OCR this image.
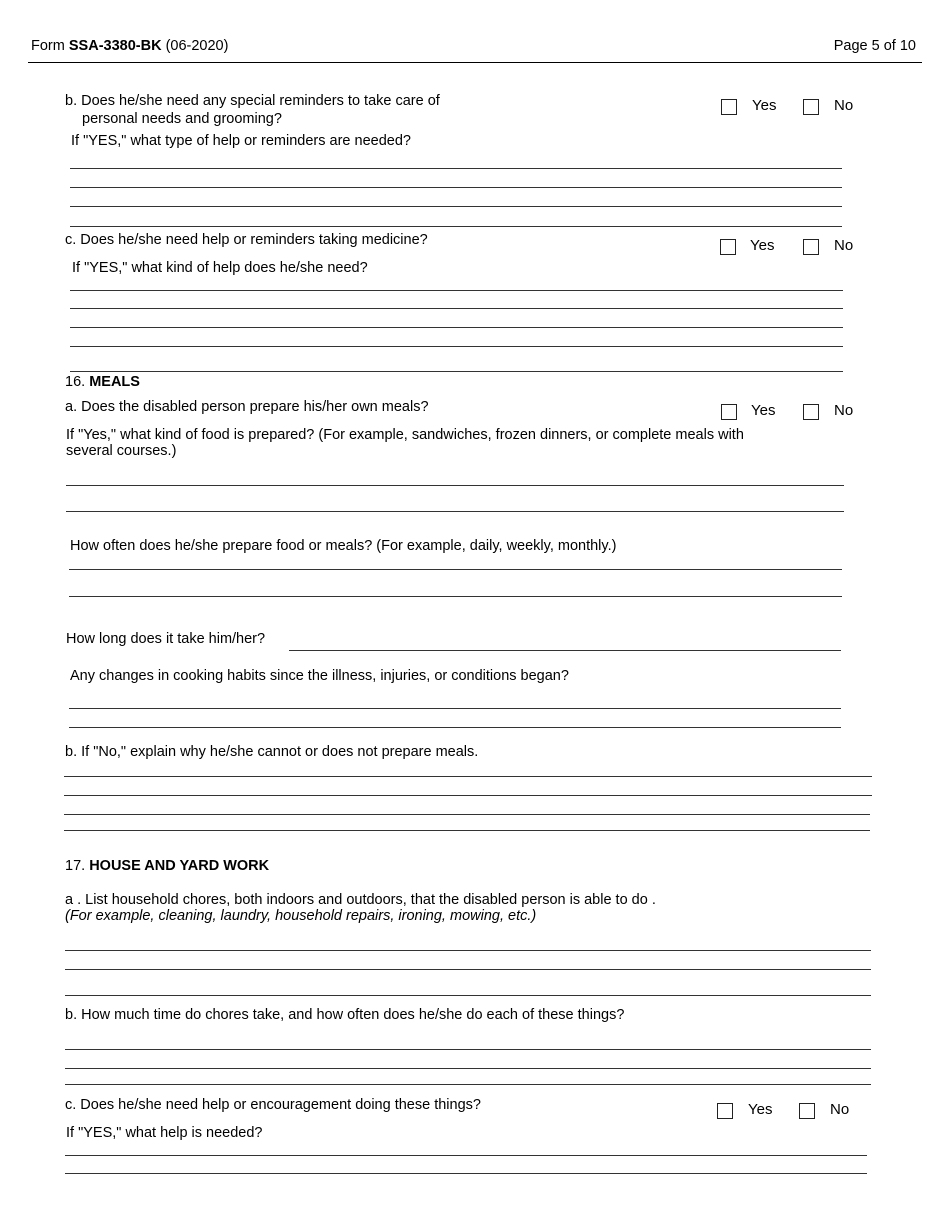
Form SSA-3380-BK (06-2020)	Page 5 of 10
b. Does he/she need any special reminders to take care of
personal needs and grooming?
Yes	No
If "YES," what type of help or reminders are needed?
c. Does he/she need help or reminders taking medicine?	Yes	No
If "YES," what kind of help does he/she need?
16. MEALS
a. Does the disabled person prepare his/her own meals?	Yes	No
If "Yes," what kind of food is prepared? (For example, sandwiches, frozen dinners, or complete meals with
several courses.)
How often does he/she prepare food or meals? (For example, daily, weekly, monthly.)
How long does it take him/her?
Any changes in cooking habits since the illness, injuries, or conditions began?
b. If "No," explain why he/she cannot or does not prepare meals.
17. HOUSE AND YARD WORK
a . List household chores, both indoors and outdoors, that the disabled person is able to do .
(For example, cleaning, laundry, household repairs, ironing, mowing, etc.)
b. How much time do chores take, and how often does he/she do each of these things?
c. Does he/she need help or encouragement doing these things?	Yes	No
If "YES," what help is needed?
